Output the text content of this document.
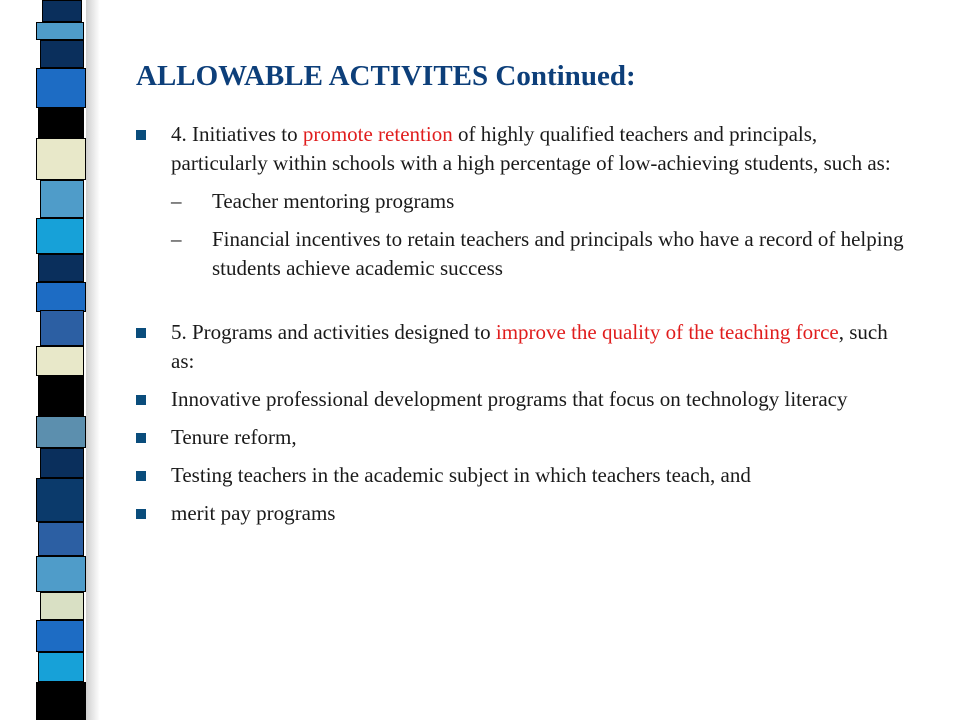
ALLOWABLE ACTIVITES Continued:
4. Initiatives to promote retention of highly qualified teachers and principals, particularly within schools with a high percentage of low-achieving students, such as:
– Teacher mentoring programs
– Financial incentives to retain teachers and principals who have a record of helping students achieve academic success
5. Programs and activities designed to improve the quality of the teaching force, such as:
Innovative professional development programs that focus on technology literacy
Tenure reform,
Testing teachers in the academic subject in which teachers teach, and
merit pay programs
